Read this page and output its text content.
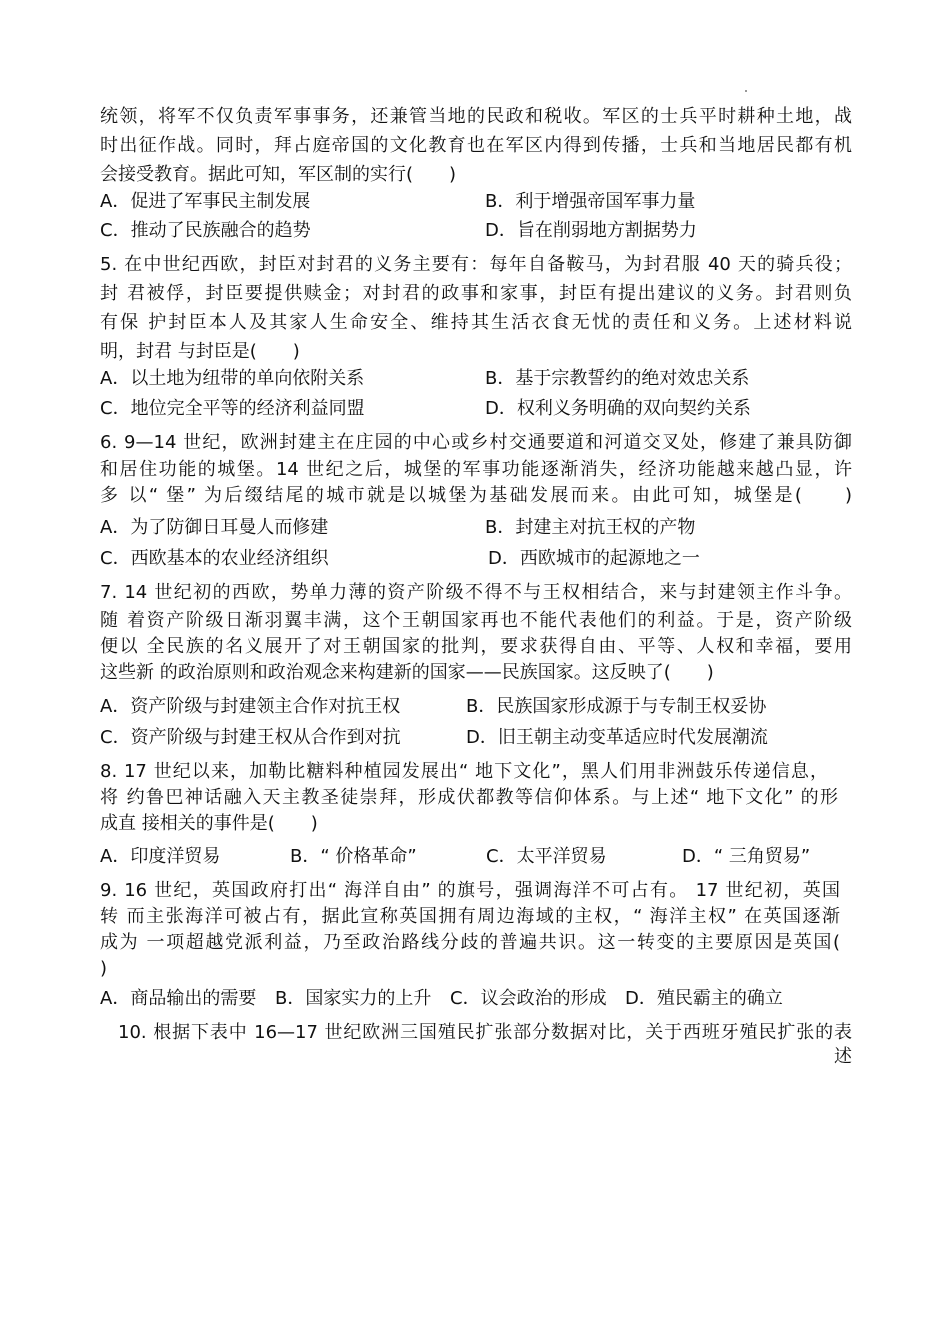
统领，将军不仅负责军事事务，还兼管当地的民政和税收。军区的士兵平时耕种土地，战
时出征作战。同时，拜占庭帝国的文化教育也在军区内得到传播，士兵和当地居民都有机
会接受教育。据此可知，军区制的实行(　　)
A．促进了军事民主制发展	B．利于增强帝国军事力量
C．推动了民族融合的趋势	D．旨在削弱地方割据势力
5. 在中世纪西欧，封臣对封君的义务主要有：每年自备鞍马，为封君服 40 天的骑兵役；
封 君被俘，封臣要提供赎金；对封君的政事和家事，封臣有提出建议的义务。封君则负
有保 护封臣本人及其家人生命安全、维持其生活衣食无忧的责任和义务。上述材料说
明，封君 与封臣是(　　)
A．以土地为纽带的单向依附关系	B．基于宗教誓约的绝对效忠关系
C．地位完全平等的经济利益同盟	D．权利义务明确的双向契约关系
6. 9—14 世纪，欧洲封建主在庄园的中心或乡村交通要道和河道交叉处，修建了兼具防御
和居住功能的城堡。14 世纪之后，城堡的军事功能逐渐消失，经济功能越来越凸显，许
多 以“ 堡” 为后缀结尾的城市就是以城堡为基础发展而来。由此可知，城堡是(　　)
A．为了防御日耳曼人而修建	B．封建主对抗王权的产物
C．西欧基本的农业经济组织	D．西欧城市的起源地之一
7. 14 世纪初的西欧，势单力薄的资产阶级不得不与王权相结合，来与封建领主作斗争。
随 着资产阶级日渐羽翼丰满，这个王朝国家再也不能代表他们的利益。于是，资产阶级
便以 全民族的名义展开了对王朝国家的批判，要求获得自由、平等、人权和幸福，要用
这些新 的政治原则和政治观念来构建新的国家——民族国家。这反映了(　　)
A．资产阶级与封建领主合作对抗王权	B．民族国家形成源于与专制王权妥协
C．资产阶级与封建王权从合作到对抗	D．旧王朝主动变革适应时代发展潮流
8. 17 世纪以来，加勒比糖料种植园发展出“ 地下文化”，黑人们用非洲鼓乐传递信息，
将 约鲁巴神话融入天主教圣徒崇拜，形成伏都教等信仰体系。与上述“ 地下文化” 的形
成直 接相关的事件是(　　)
A．印度洋贸易	B．“ 价格革命”	C．太平洋贸易	D．“ 三角贸易”
9. 16 世纪，英国政府打出“ 海洋自由” 的旗号，强调海洋不可占有。 17 世纪初，英国
转 而主张海洋可被占有，据此宣称英国拥有周边海域的主权，“ 海洋主权” 在英国逐渐
成为 一项超越党派利益，乃至政治路线分歧的普遍共识。这一转变的主要原因是英国(
)
A．商品输出的需要 B．国家实力的上升 C．议会政治的形成 D．殖民霸主的确立
10. 根据下表中 16—17 世纪欧洲三国殖民扩张部分数据对比，关于西班牙殖民扩张的表
述
